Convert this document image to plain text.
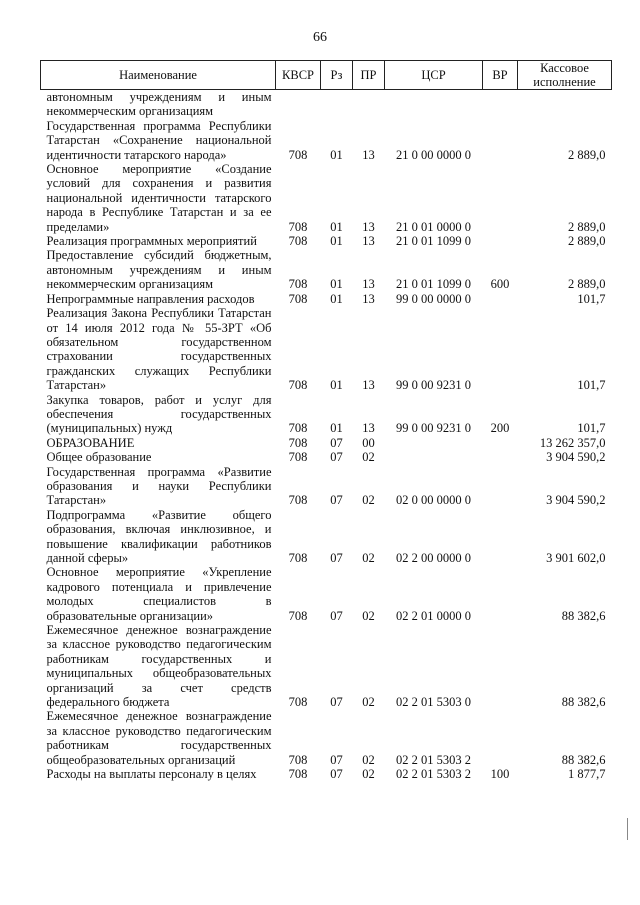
66
Наименование	КВСР	Рз	ПР	ЦСР	ВР	Кассовое исполнение
автономным учреждениям и иным некоммерческим организациям						
Государственная программа Республики Татарстан «Сохранение национальной идентичности татарского народа»	708	01	13	21 0 00 0000 0		2 889,0
Основное мероприятие «Создание условий для сохранения и развития национальной идентичности татарского народа в Республике Татарстан и за ее пределами»	708	01	13	21 0 01 0000 0		2 889,0
Реализация программных мероприятий	708	01	13	21 0 01 1099 0		2 889,0
Предоставление субсидий бюджетным, автономным учреждениям и иным некоммерческим организациям	708	01	13	21 0 01 1099 0	600	2 889,0
Непрограммные направления расходов	708	01	13	99 0 00 0000 0		101,7
Реализация Закона Республики Татарстан от 14 июля 2012 года № 55-ЗРТ «Об обязательном государственном страховании государственных гражданских служащих Республики Татарстан»	708	01	13	99 0 00 9231 0		101,7
Закупка товаров, работ и услуг для обеспечения государственных (муниципальных) нужд	708	01	13	99 0 00 9231 0	200	101,7
ОБРАЗОВАНИЕ	708	07	00			13 262 357,0
Общее образование	708	07	02			3 904 590,2
Государственная программа «Развитие образования и науки Республики Татарстан»	708	07	02	02 0 00 0000 0		3 904 590,2
Подпрограмма «Развитие общего образования, включая инклюзивное, и повышение квалификации работников данной сферы»	708	07	02	02 2 00 0000 0		3 901 602,0
Основное мероприятие «Укрепление кадрового потенциала и привлечение молодых специалистов в образовательные организации»	708	07	02	02 2 01 0000 0		88 382,6
Ежемесячное денежное вознаграждение за классное руководство педагогическим работникам государственных и муниципальных общеобразовательных организаций за счет средств федерального бюджета	708	07	02	02 2 01 5303 0		88 382,6
Ежемесячное денежное вознаграждение за классное руководство педагогическим работникам государственных общеобразовательных организаций	708	07	02	02 2 01 5303 2		88 382,6
Расходы на выплаты персоналу в целях	708	07	02	02 2 01 5303 2	100	1 877,7
